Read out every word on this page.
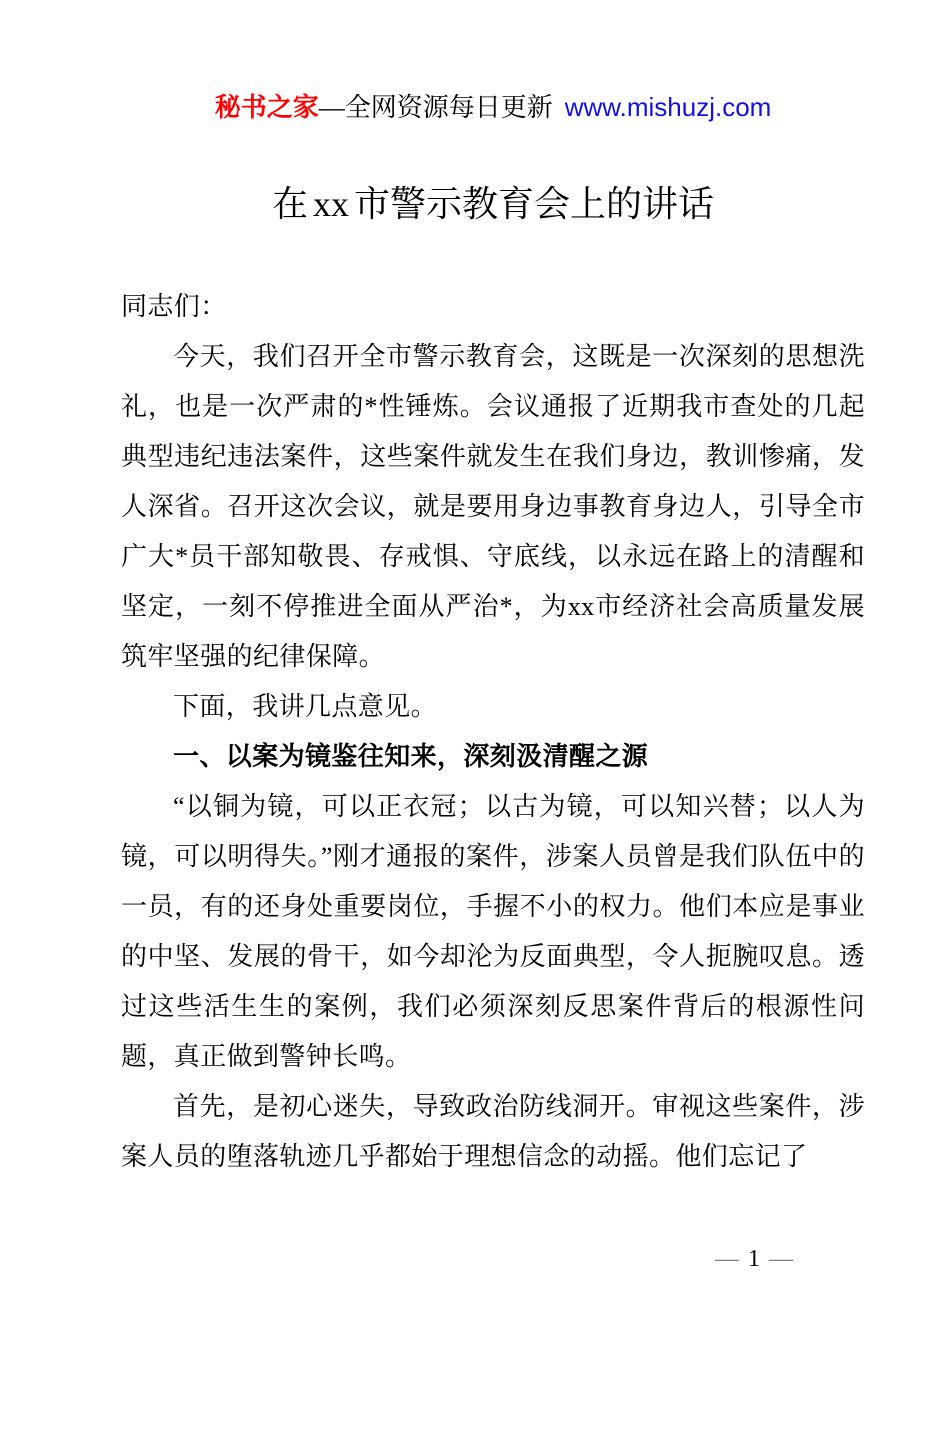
秘书之家—全网资源每日更新 www.mishuzj.com
在 xx 市警示教育会上的讲话

同志们：

今天，我们召开全市警示教育会，这既是一次深刻的思想洗礼，也是一次严肃的*性锤炼。会议通报了近期我市查处的几起典型违纪违法案件，这些案件就发生在我们身边，教训惨痛，发人深省。召开这次会议，就是要用身边事教育身边人，引导全市广大*员干部知敬畏、存戒惧、守底线，以永远在路上的清醒和坚定，一刻不停推进全面从严治*，为xx市经济社会高质量发展筑牢坚强的纪律保障。

下面，我讲几点意见。

一、以案为镜鉴往知来，深刻汲清醒之源

“以铜为镜，可以正衣冠；以古为镜，可以知兴替；以人为镜，可以明得失。”刚才通报的案件，涉案人员曾是我们队伍中的一员，有的还身处重要岗位，手握不小的权力。他们本应是事业的中坚、发展的骨干，如今却沦为反面典型，令人扼腕叹息。透过这些活生生的案例，我们必须深刻反思案件背后的根源性问题，真正做到警钟长鸣。

首先，是初心迷失，导致政治防线洞开。审视这些案件，涉案人员的堕落轨迹几乎都始于理想信念的动摇。他们忘记了

— 1 —
